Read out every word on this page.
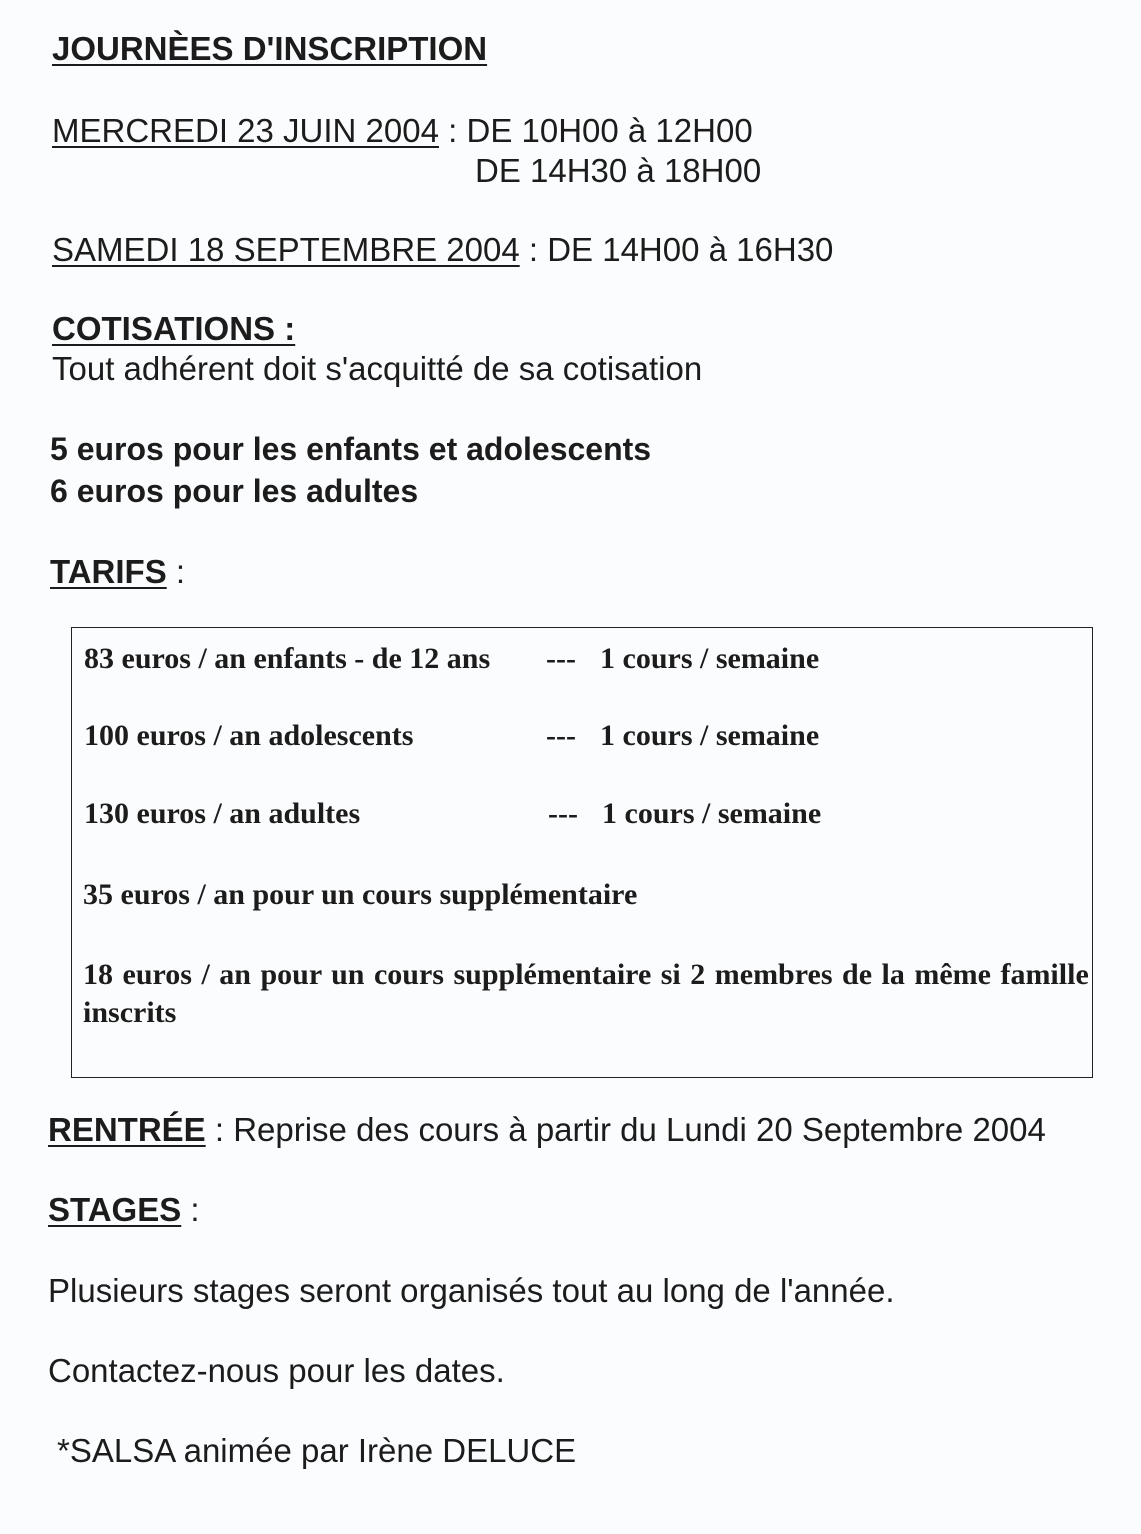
JOURNÈES D'INSCRIPTION
MERCREDI 23 JUIN 2004 : DE 10H00 à 12H00
DE 14H30 à 18H00
SAMEDI 18 SEPTEMBRE 2004 : DE 14H00 à 16H30
COTISATIONS :
Tout adhérent doit s'acquitté de sa cotisation
5 euros pour les enfants et adolescents
6 euros pour les adultes
TARIFS :
83 euros / an enfants - de 12 ans --- 1 cours / semaine
100 euros / an adolescents	--- 1 cours / semaine
130 euros / an adultes	--- 1 cours / semaine
35 euros / an pour un cours supplémentaire
18 euros / an pour un cours supplémentaire si 2 membres de la même famille inscrits
RENTRÉE : Reprise des cours à partir du Lundi 20 Septembre 2004
STAGES :
Plusieurs stages seront organisés tout au long de l'année.
Contactez-nous pour les dates.
*SALSA animée par Irène DELUCE
